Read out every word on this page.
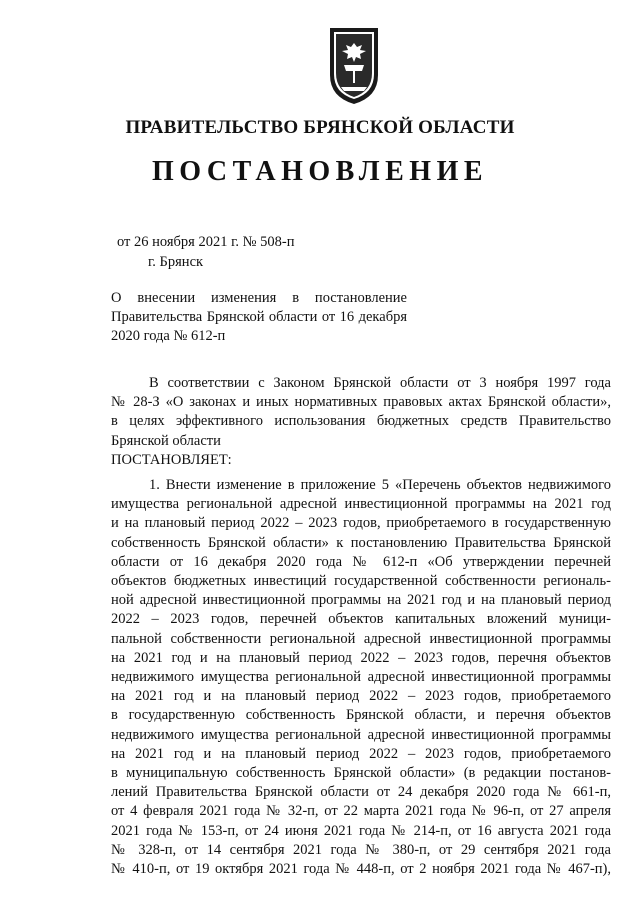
ПРАВИТЕЛЬСТВО БРЯНСКОЙ ОБЛАСТИ
ПОСТАНОВЛЕНИЕ
от 26 ноября 2021 г. № 508-п
г. Брянск
О внесении изменения в постановление
Правительства Брянской области от 16 декабря
2020 года № 612-п
В соответствии с Законом Брянской области от 3 ноября 1997 года
№ 28-З «О законах и иных нормативных правовых актах Брянской области»,
в целях эффективного использования бюджетных средств Правительство
Брянской области
ПОСТАНОВЛЯЕТ:
1. Внести изменение в приложение 5 «Перечень объектов недвижимого
имущества региональной адресной инвестиционной программы на 2021 год
и на плановый период 2022 – 2023 годов, приобретаемого в государственную
собственность Брянской области» к постановлению Правительства Брянской
области от 16 декабря 2020 года № 612-п «Об утверждении перечней
объектов бюджетных инвестиций государственной собственности региональ-
ной адресной инвестиционной программы на 2021 год и на плановый период
2022 – 2023 годов, перечней объектов капитальных вложений муници-
пальной собственности региональной адресной инвестиционной программы
на 2021 год и на плановый период 2022 – 2023 годов, перечня объектов
недвижимого имущества региональной адресной инвестиционной программы
на 2021 год и на плановый период 2022 – 2023 годов, приобретаемого
в государственную собственность Брянской области, и перечня объектов
недвижимого имущества региональной адресной инвестиционной программы
на 2021 год и на плановый период 2022 – 2023 годов, приобретаемого
в муниципальную собственность Брянской области» (в редакции постанов-
лений Правительства Брянской области от 24 декабря 2020 года № 661-п,
от 4 февраля 2021 года № 32-п, от 22 марта 2021 года № 96-п, от 27 апреля
2021 года № 153-п, от 24 июня 2021 года № 214-п, от 16 августа 2021 года
№ 328-п, от 14 сентября 2021 года № 380-п, от 29 сентября 2021 года
№ 410-п, от 19 октября 2021 года № 448-п, от 2 ноября 2021 года № 467-п),
